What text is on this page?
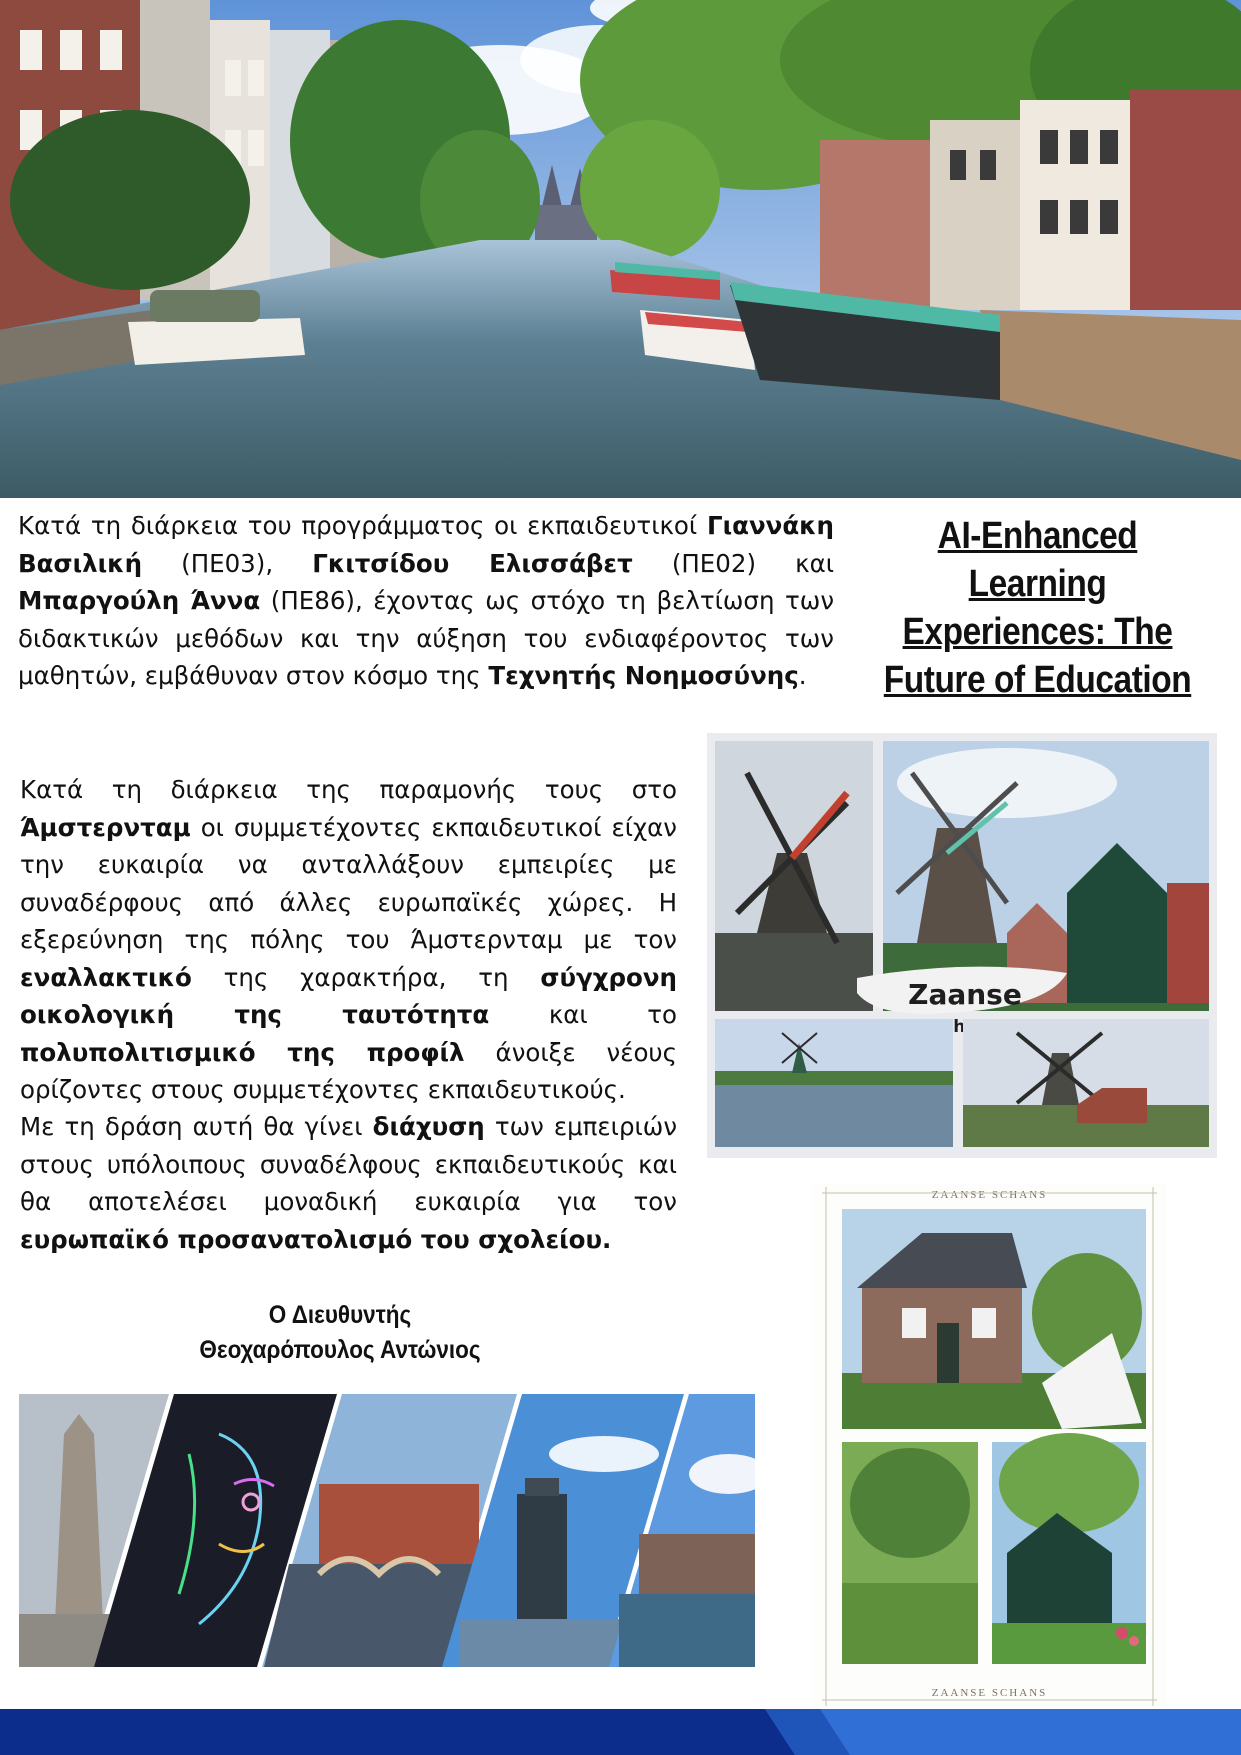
AI-Enhanced Learning Experiences: The Future of Education
Κατά τη διάρκεια του προγράμματος οι εκπαιδευτικοί Γιαννάκη Βασιλική (ΠΕ03), Γκιτσίδου Ελισσάβετ (ΠΕ02) και Μπαργούλη Άννα (ΠΕ86), έχοντας ως στόχο τη βελτίωση των διδακτικών μεθόδων και την αύξηση του ενδιαφέροντος των μαθητών, εμβάθυναν στον κόσμο της Τεχνητής Νοημοσύνης.
Κατά τη διάρκεια της παραμονής τους στο Άμστερνταμ οι συμμετέχοντες εκπαιδευτικοί είχαν την ευκαιρία να ανταλλάξουν εμπειρίες με συναδέρφους από άλλες ευρωπαϊκές χώρες. Η εξερεύνηση της πόλης του Άμστερνταμ με τον εναλλακτικό της χαρακτήρα, τη σύγχρονη οικολογική της ταυτότητα και το πολυπολιτισμικό της προφίλ άνοιξε νέους ορίζοντες στους συμμετέχοντες εκπαιδευτικούς.
Με τη δράση αυτή θα γίνει διάχυση των εμπειριών στους υπόλοιπους συναδέλφους εκπαιδευτικούς και θα αποτελέσει μοναδική ευκαιρία για τον ευρωπαϊκό προσανατολισμό του σχολείου.
Ο Διευθυντής
Θεοχαρόπουλος Αντώνιος
Zaanse
ZAANSE SCHANS
ZAANSE SCHANS
